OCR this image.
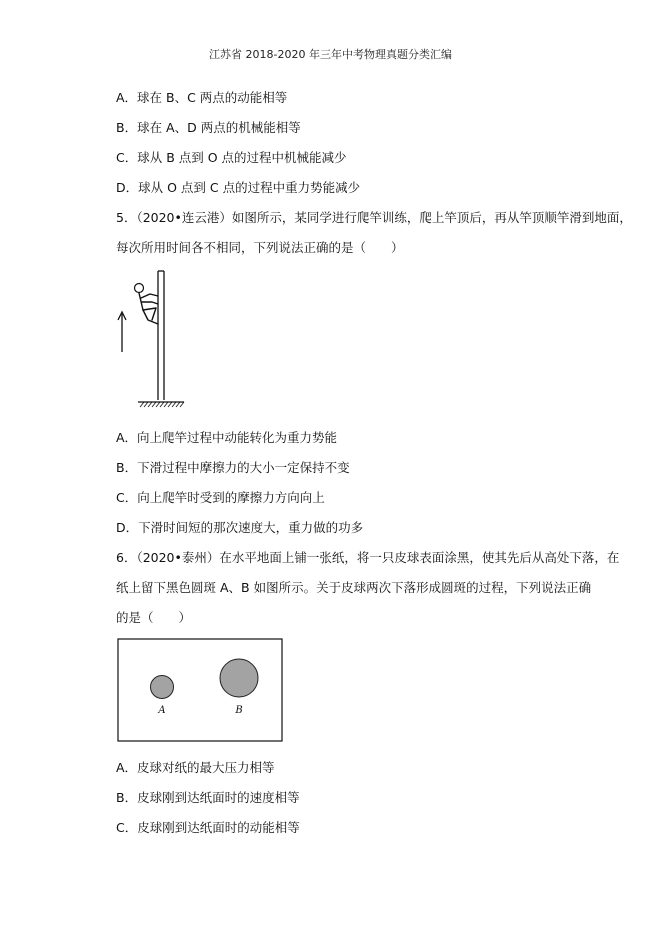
江苏省 2018-2020 年三年中考物理真题分类汇编
A．球在 B、C 两点的动能相等
B．球在 A、D 两点的机械能相等
C．球从 B 点到 O 点的过程中机械能减少
D．球从 O 点到 C 点的过程中重力势能减少
5．（2020•连云港）如图所示，某同学进行爬竿训练，爬上竿顶后，再从竿顶顺竿滑到地面，
每次所用时间各不相同，下列说法正确的是（　　）
A．向上爬竿过程中动能转化为重力势能
B．下滑过程中摩擦力的大小一定保持不变
C．向上爬竿时受到的摩擦力方向向上
D．下滑时间短的那次速度大，重力做的功多
6．（2020•泰州）在水平地面上铺一张纸，将一只皮球表面涂黑，使其先后从高处下落，在
纸上留下黑色圆斑 A、B 如图所示。关于皮球两次下落形成圆斑的过程，下列说法正确
的是（　　）
A	B
A．皮球对纸的最大压力相等
B．皮球刚到达纸面时的速度相等
C．皮球刚到达纸面时的动能相等
